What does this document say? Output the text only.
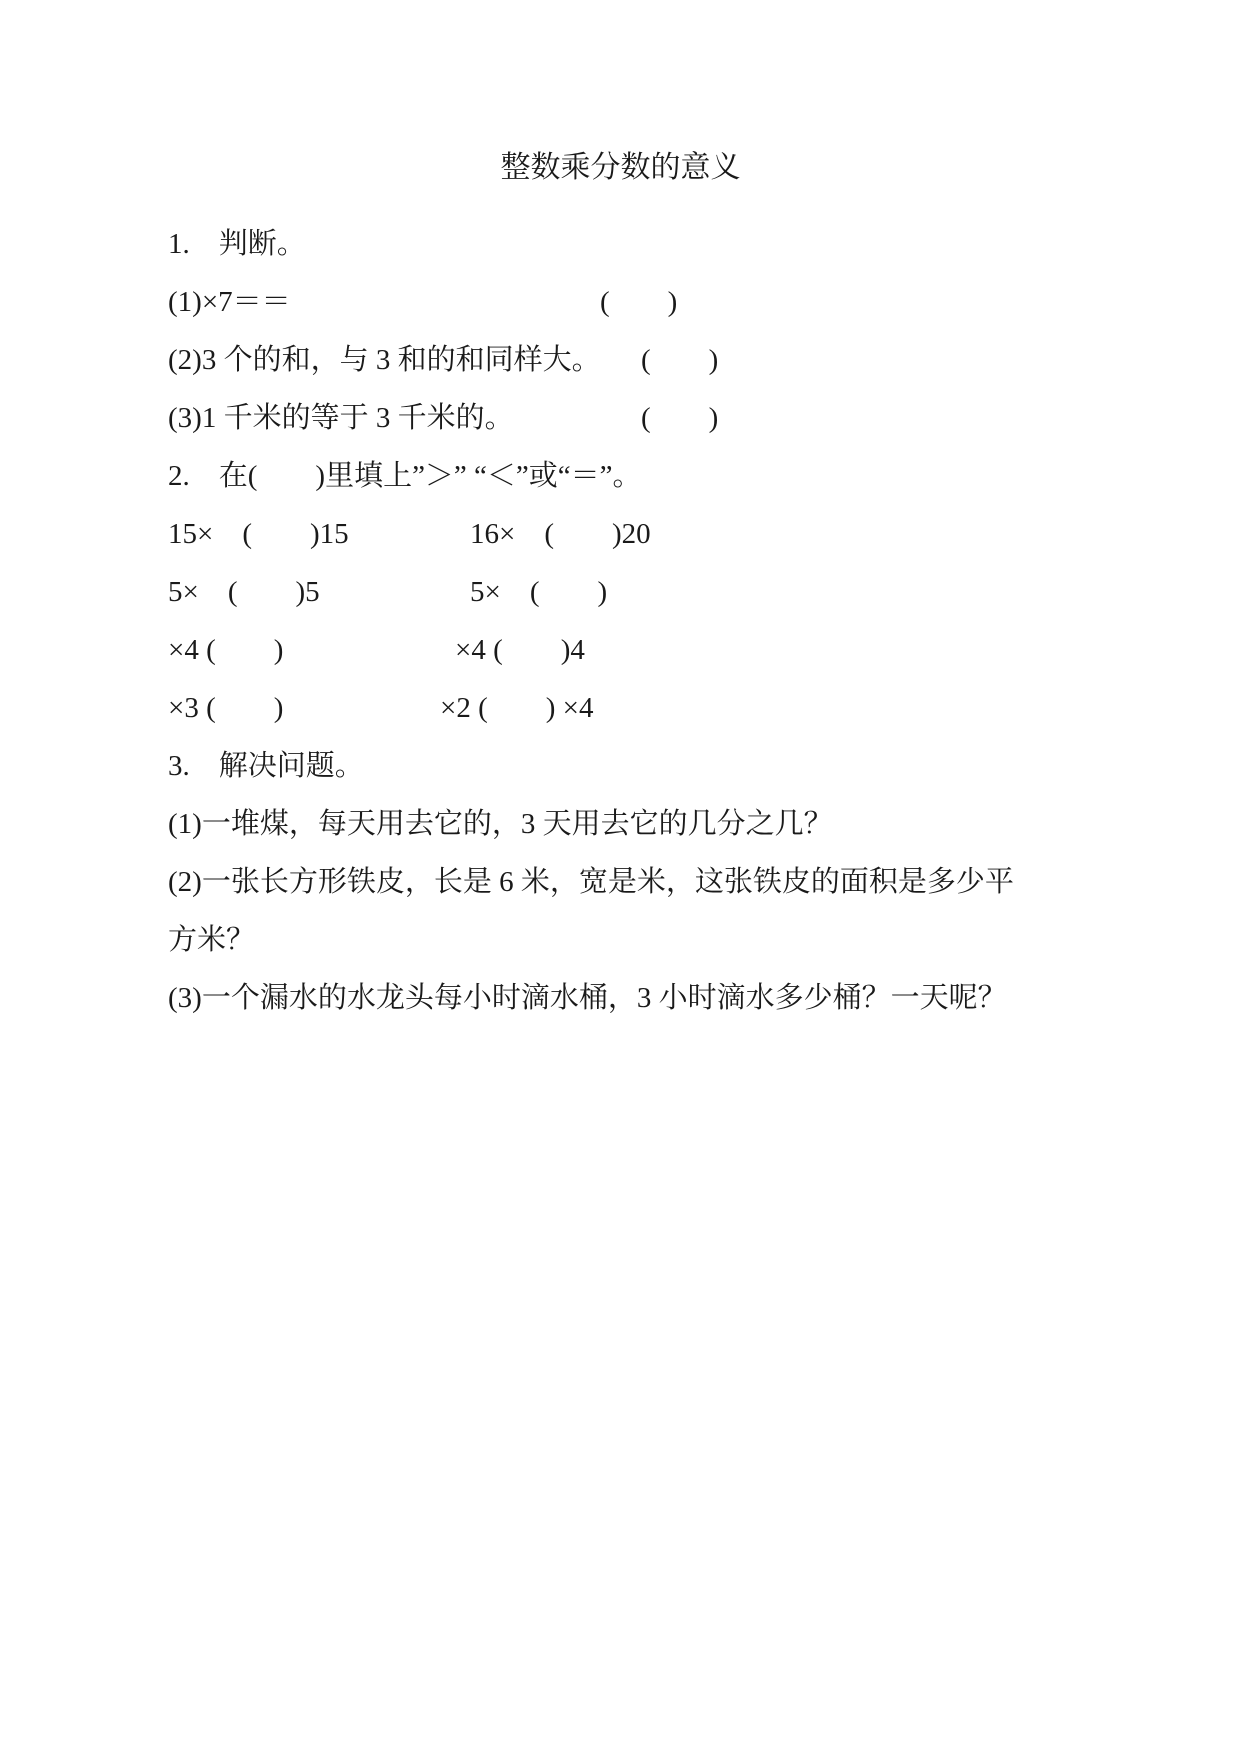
整数乘分数的意义
1.　判断。
(1)×7＝＝	(　　)
(2)3 个的和，与 3 和的和同样大。 (　　)
(3)1 千米的等于 3 千米的。	(　　)
2.　在(　　)里填上”＞” “＜”或“＝”。
15×　(　　)15	16×　(　　)20
5×　(　　)5	5×　(　　)
×4 (　　)	×4 (　　)4
×3 (　　)	×2 (　　) ×4
3.　解决问题。
(1)一堆煤，每天用去它的，3 天用去它的几分之几？
(2)一张长方形铁皮，长是 6 米，宽是米，这张铁皮的面积是多少平
方米？
(3)一个漏水的水龙头每小时滴水桶，3 小时滴水多少桶？一天呢？
